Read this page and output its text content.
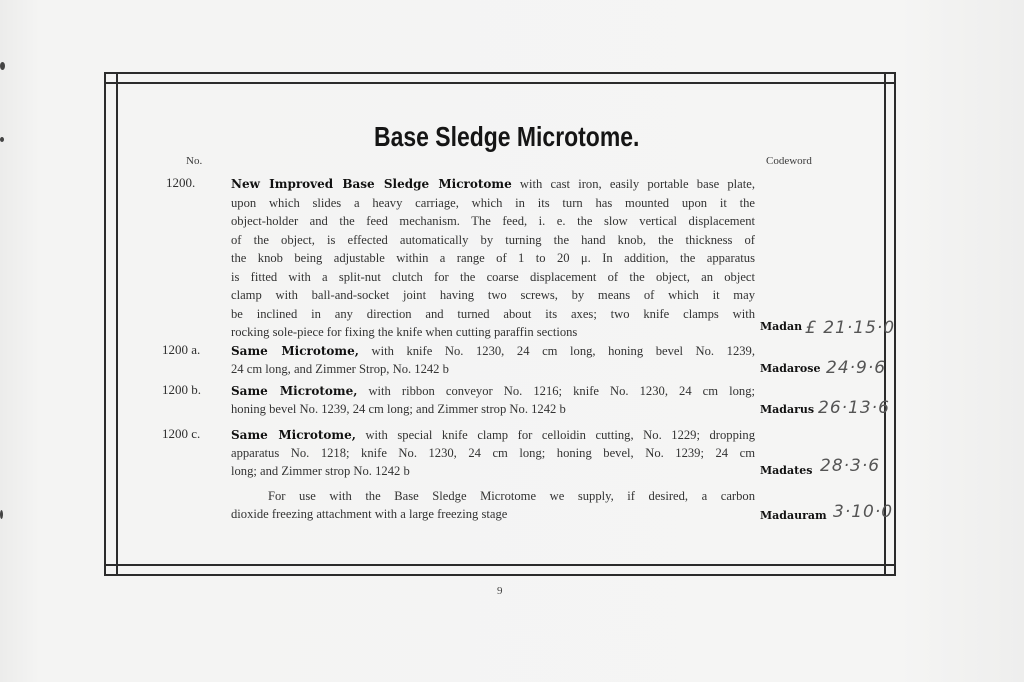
Base Sledge Microtome.
No.	Codeword
1200.	New Improved Base Sledge Microtome with cast iron, easily portable base plate,
upon which slides a heavy carriage, which in its turn has mounted upon it the
object-holder and the feed mechanism. The feed, i. e. the slow vertical displacement
of the object, is effected automatically by turning the hand knob, the thickness of
the knob being adjustable within a range of 1 to 20 μ. In addition, the apparatus
is fitted with a split-nut clutch for the coarse displacement of the object, an object
clamp with ball-and-socket joint having two screws, by means of which it may
be inclined in any direction and turned about its axes; two knife clamps with
rocking sole-piece for fixing the knife when cutting paraffin sections	Madan £ 21·15·0
1200 a.	Same Microtome, with knife No. 1230, 24 cm long, honing bevel No. 1239,
24 cm long, and Zimmer Strop, No. 1242 b	Madarose 24·9·6
1200 b.	Same Microtome, with ribbon conveyor No. 1216; knife No. 1230, 24 cm long;
honing bevel No. 1239, 24 cm long; and Zimmer strop No. 1242 b	Madarus 26·13·6
1200 c.	Same Microtome, with special knife clamp for celloidin cutting, No. 1229; dropping
apparatus No. 1218; knife No. 1230, 24 cm long; honing bevel, No. 1239; 24 cm
long; and Zimmer strop No. 1242 b	Madates 28·3·6
For use with the Base Sledge Microtome we supply, if desired, a carbon
dioxide freezing attachment with a large freezing stage	Madauram 3·10·0
9
